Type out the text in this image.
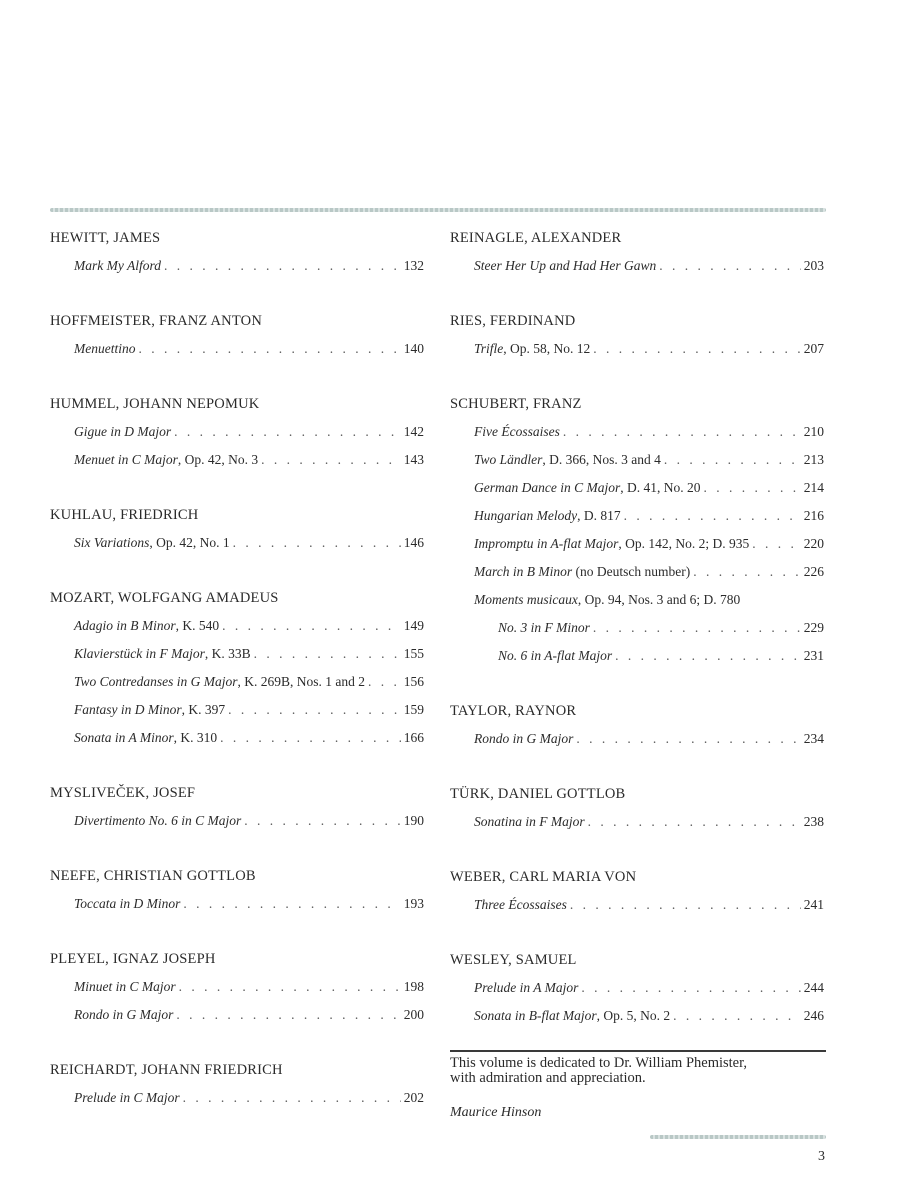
HEWITT, JAMES
Mark My Alford . . .	132
HOFFMEISTER, FRANZ ANTON
Menuettino . . .	140
HUMMEL, JOHANN NEPOMUK
Gigue in D Major . . .	142
Menuet in C Major, Op. 42, No. 3 . . .	143
KUHLAU, FRIEDRICH
Six Variations, Op. 42, No. 1 . . .	146
MOZART, WOLFGANG AMADEUS
Adagio in B Minor, K. 540 . . .	149
Klavierstück in F Major, K. 33B . . .	155
Two Contredanses in G Major, K. 269B, Nos. 1 and 2 . . .	156
Fantasy in D Minor, K. 397 . . .	159
Sonata in A Minor, K. 310 . . .	166
MYSLIVEČEK, JOSEF
Divertimento No. 6 in C Major . . .	190
NEEFE, CHRISTIAN GOTTLOB
Toccata in D Minor . . .	193
PLEYEL, IGNAZ JOSEPH
Minuet in C Major . . .	198
Rondo in G Major . . .	200
REICHARDT, JOHANN FRIEDRICH
Prelude in C Major . . .	202
REINAGLE, ALEXANDER
Steer Her Up and Had Her Gawn . . .	203
RIES, FERDINAND
Trifle, Op. 58, No. 12 . . .	207
SCHUBERT, FRANZ
Five Écossaises . . .	210
Two Ländler, D. 366, Nos. 3 and 4 . . .	213
German Dance in C Major, D. 41, No. 20 . . .	214
Hungarian Melody, D. 817 . . .	216
Impromptu in A-flat Major, Op. 142, No. 2; D. 935 . . .	220
March in B Minor (no Deutsch number) . . .	226
Moments musicaux, Op. 94, Nos. 3 and 6; D. 780
No. 3 in F Minor . . .	229
No. 6 in A-flat Major . . .	231
TAYLOR, RAYNOR
Rondo in G Major . . .	234
TÜRK, DANIEL GOTTLOB
Sonatina in F Major . . .	238
WEBER, CARL MARIA VON
Three Écossaises . . .	241
WESLEY, SAMUEL
Prelude in A Major . . .	244
Sonata in B-flat Major, Op. 5, No. 2 . . .	246
This volume is dedicated to Dr. William Phemister,
with admiration and appreciation.
Maurice Hinson
3
